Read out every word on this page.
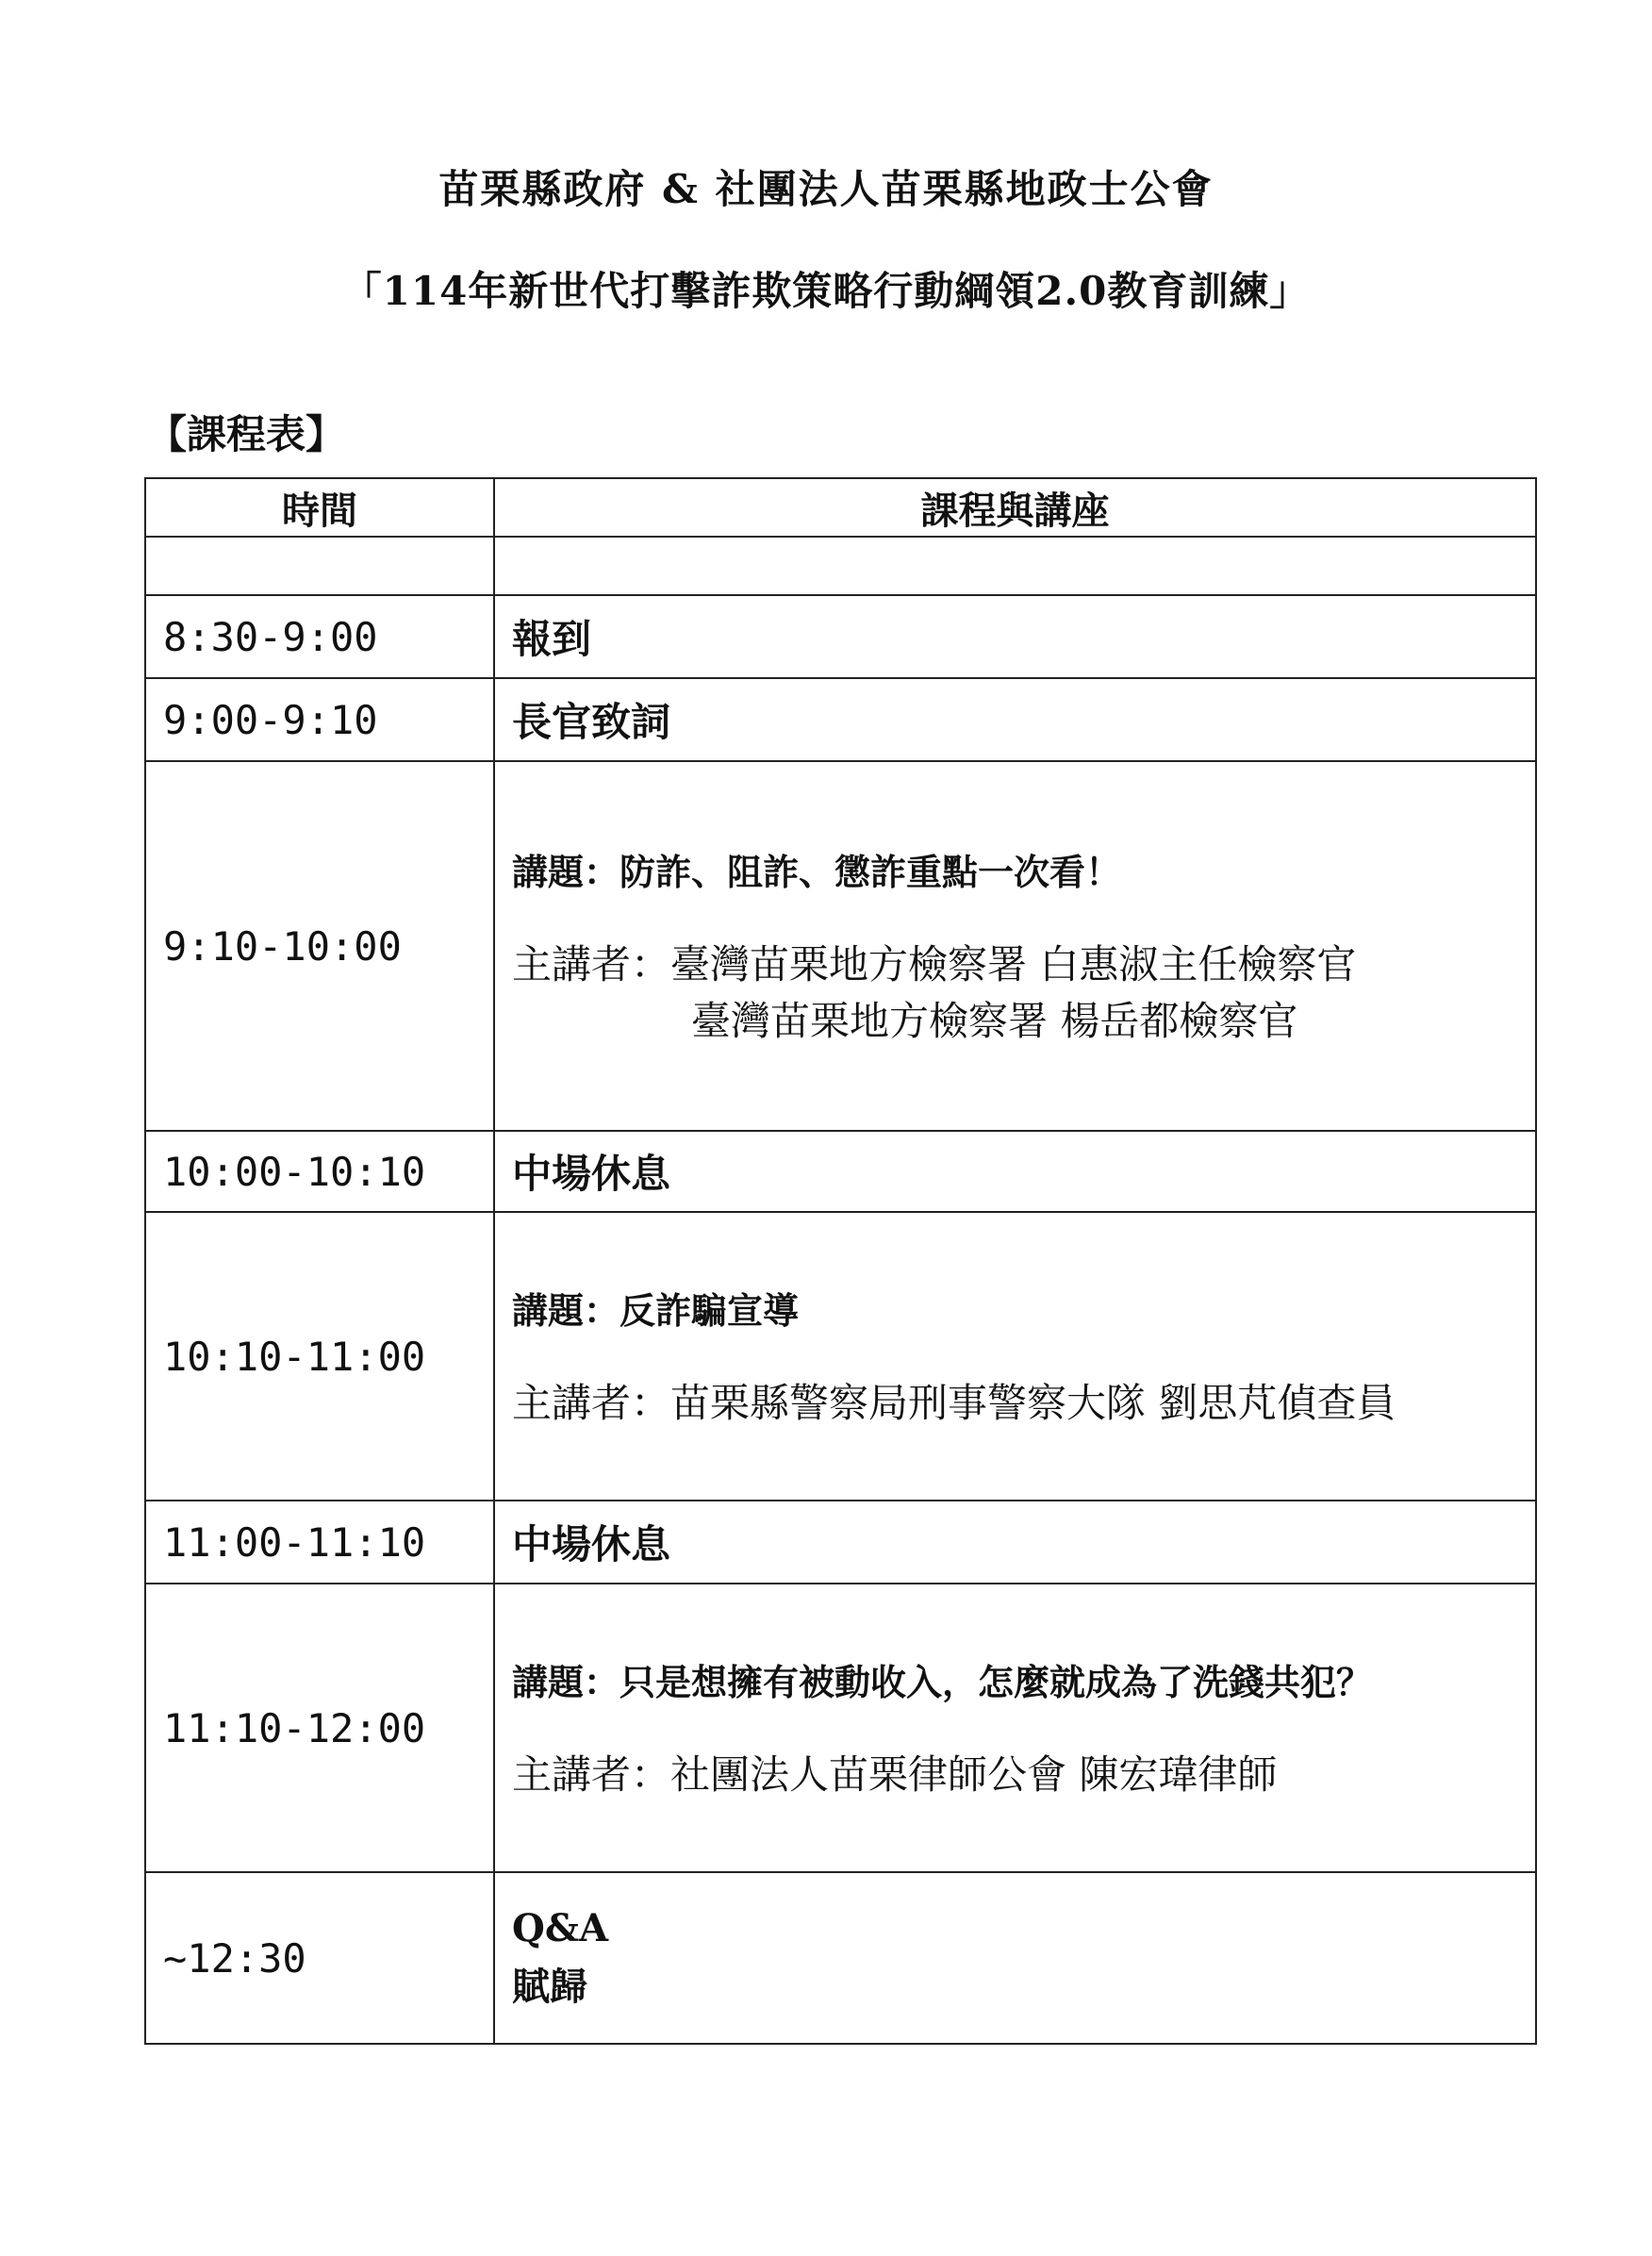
苗栗縣政府 & 社團法人苗栗縣地政士公會
「114年新世代打擊詐欺策略行動綱領2.0教育訓練」
【課程表】
時間	課程與講座

8:30-9:00	報到
9:00-9:10	長官致詞
9:10-10:00	講題：防詐、阻詐、懲詐重點一次看！
主講者：臺灣苗栗地方檢察署 白惠淑主任檢察官
臺灣苗栗地方檢察署 楊岳都檢察官

10:00-10:10	中場休息
10:10-11:00	講題：反詐騙宣導
主講者：苗栗縣警察局刑事警察大隊 劉思芃偵查員

11:00-11:10	中場休息
11:10-12:00	講題：只是想擁有被動收入，怎麼就成為了洗錢共犯？
主講者：社團法人苗栗律師公會 陳宏瑋律師

~12:30	Q&A
賦歸
